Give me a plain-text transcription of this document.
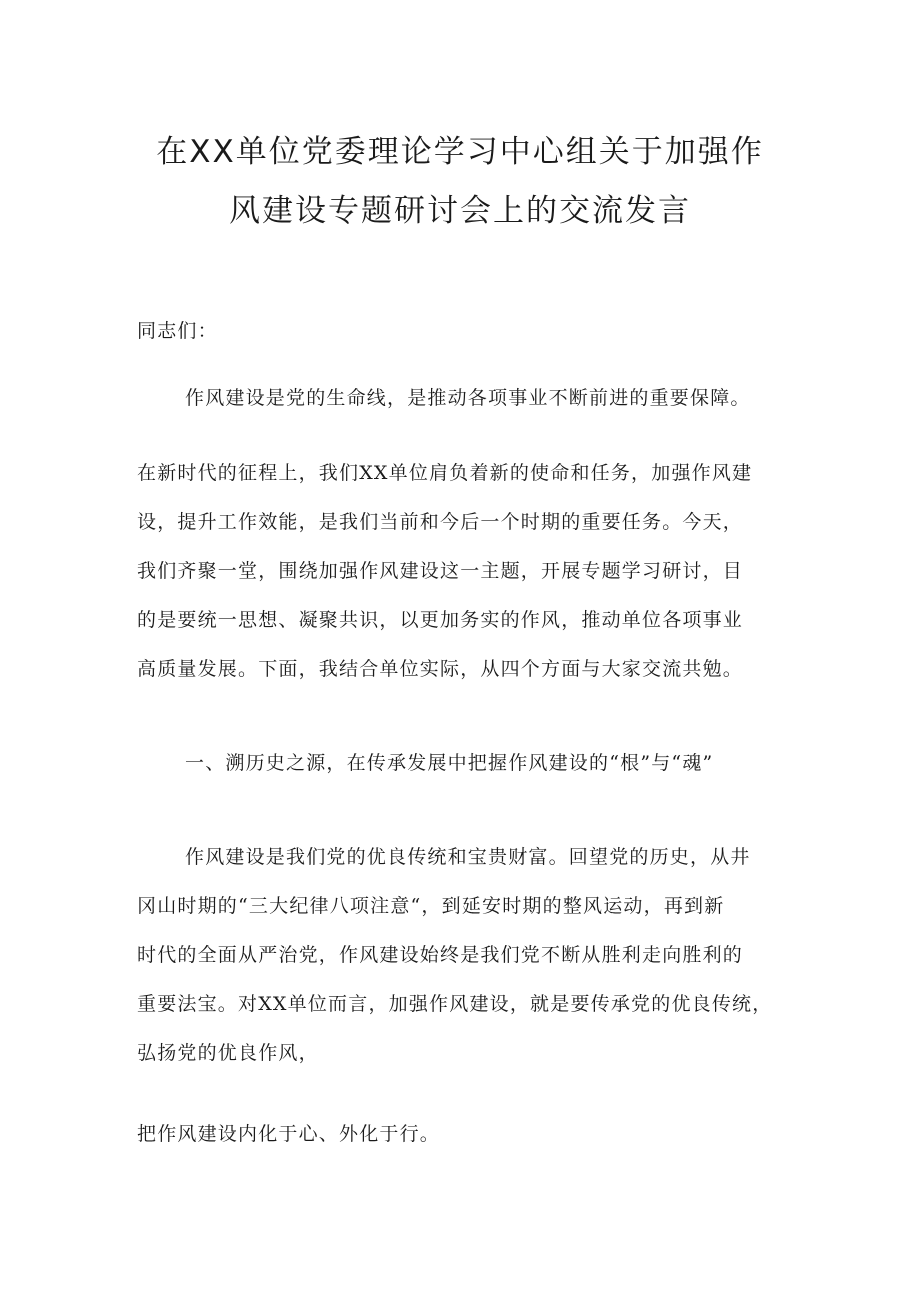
在XX单位党委理论学习中心组关于加强作
风建设专题研讨会上的交流发言
同志们：
作风建设是党的生命线，是推动各项事业不断前进的重要保障。
在新时代的征程上，我们XX单位肩负着新的使命和任务，加强作风建
设，提升工作效能，是我们当前和今后一个时期的重要任务。今天，
我们齐聚一堂，围绕加强作风建设这一主题，开展专题学习研讨，目
的是要统一思想、凝聚共识，以更加务实的作风，推动单位各项事业
高质量发展。下面，我结合单位实际，从四个方面与大家交流共勉。
一、溯历史之源，在传承发展中把握作风建设的“根”与“魂”
作风建设是我们党的优良传统和宝贵财富。回望党的历史，从井
冈山时期的“三大纪律八项注意“，到延安时期的整风运动，再到新
时代的全面从严治党，作风建设始终是我们党不断从胜利走向胜利的
重要法宝。对XX单位而言，加强作风建设，就是要传承党的优良传统，
弘扬党的优良作风，
把作风建设内化于心、外化于行。
